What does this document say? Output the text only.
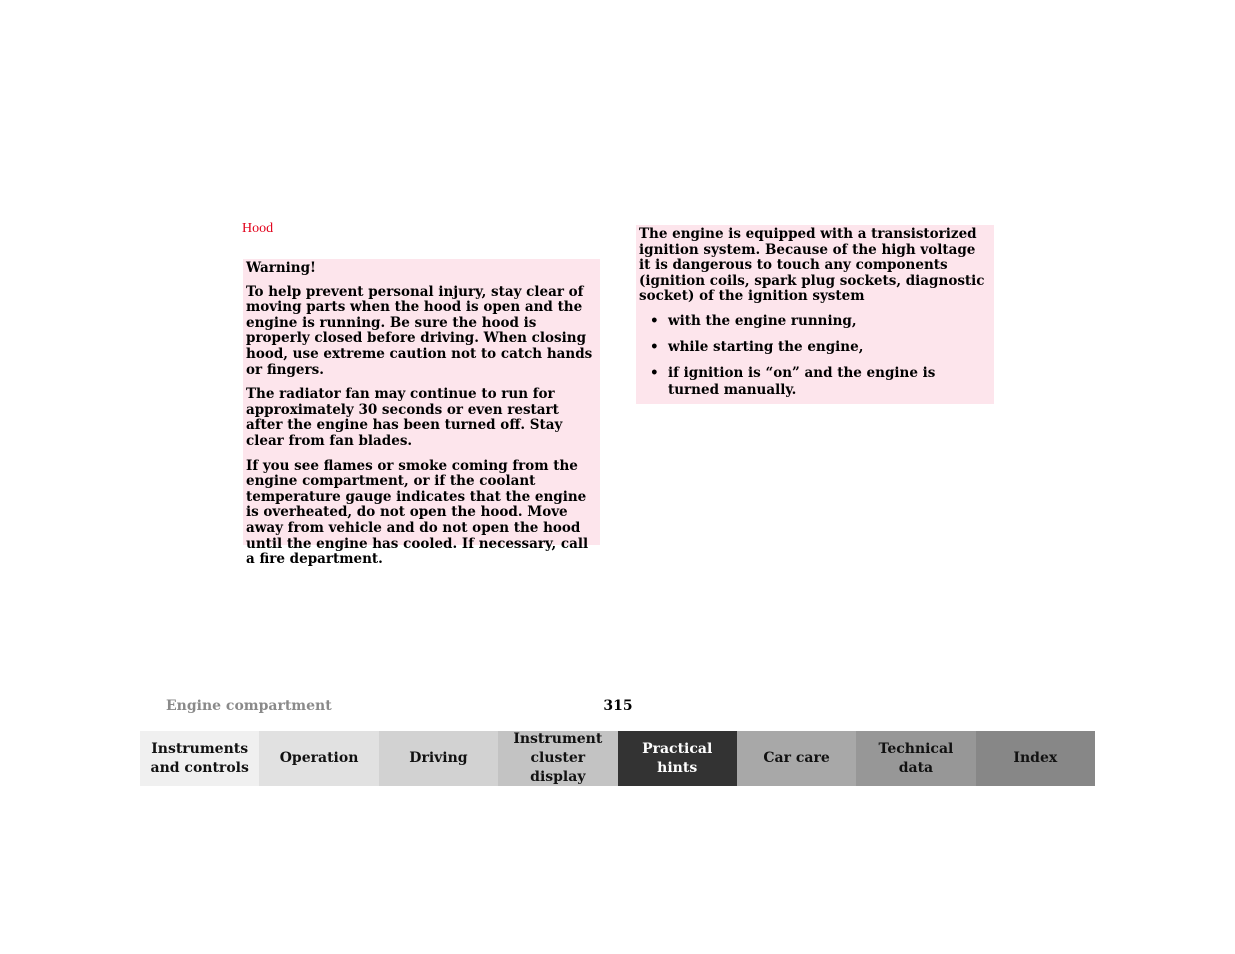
Hood

Warning!

To help prevent personal injury, stay clear of moving parts when the hood is open and the engine is running. Be sure the hood is properly closed before driving. When closing hood, use extreme caution not to catch hands or fingers.

The radiator fan may continue to run for approximately 30 seconds or even restart after the engine has been turned off. Stay clear from fan blades.

If you see flames or smoke coming from the engine compartment, or if the coolant temperature gauge indicates that the engine is overheated, do not open the hood. Move away from vehicle and do not open the hood until the engine has cooled. If necessary, call a fire department.

The engine is equipped with a transistorized ignition system. Because of the high voltage it is dangerous to touch any components (ignition coils, spark plug sockets, diagnostic socket) of the ignition system

• with the engine running,
• while starting the engine,
• if ignition is “on” and the engine is turned manually.
Engine compartment	315
Instruments
and controls
Operation	Driving
Instrument
cluster display
Practical hints
Car care
Technical
data
Index
